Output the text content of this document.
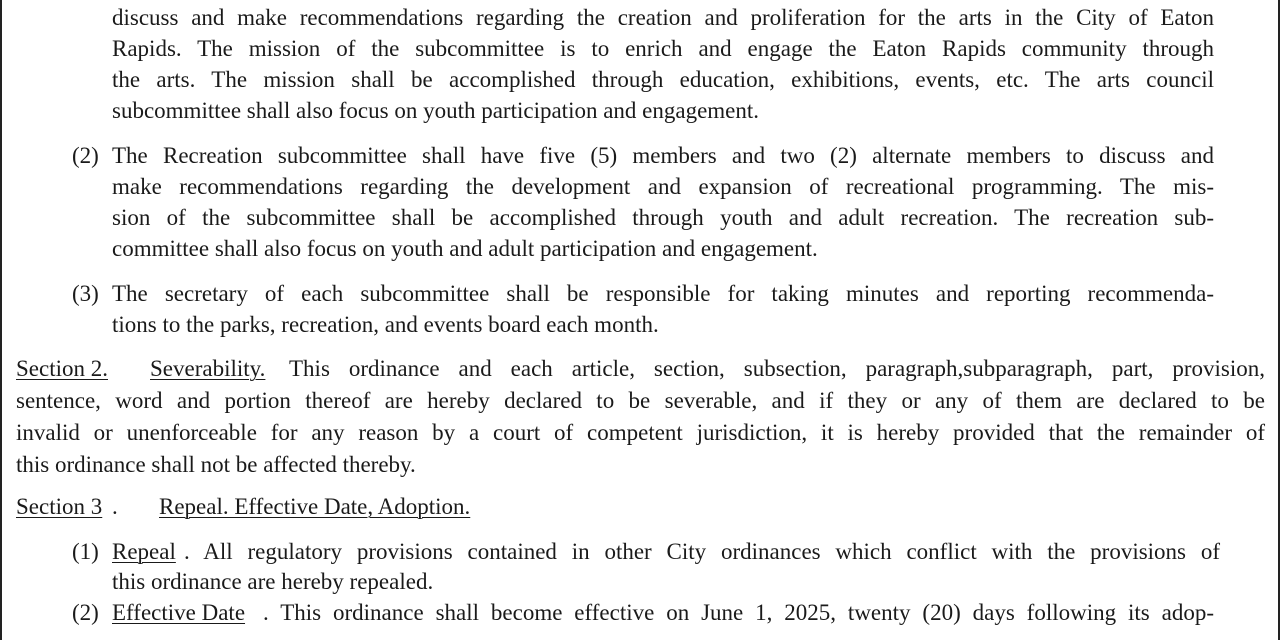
discuss and make recommendations regarding the creation and proliferation for the arts in the City of Eaton

Rapids. The mission of the subcommittee is to enrich and engage the Eaton Rapids community through

the arts. The mission shall be accomplished through education, exhibitions, events, etc. The arts council

subcommittee shall also focus on youth participation and engagement.

(2) The Recreation subcommittee shall have five (5) members and two (2) alternate members to discuss and

make recommendations regarding the development and expansion of recreational programming. The mis-

sion of the subcommittee shall be accomplished through youth and adult recreation. The recreation sub-

committee shall also focus on youth and adult participation and engagement.

(3) The secretary of each subcommittee shall be responsible for taking minutes and reporting recommenda-

tions to the parks, recreation, and events board each month.

Section 2. Severability. This ordinance and each article, section, subsection, paragraph,subparagraph, part, provision,

sentence, word and portion thereof are hereby declared to be severable, and if they or any of them are declared to be

invalid or unenforceable for any reason by a court of competent jurisdiction, it is hereby provided that the remainder of

this ordinance shall not be affected thereby.

Section 3 . Repeal. Effective Date, Adoption.

(1) Repeal . All regulatory provisions contained in other City ordinances which conflict with the provisions of

this ordinance are hereby repealed.

(2) Effective Date . This ordinance shall become effective on June 1, 2025, twenty (20) days following its adop-
